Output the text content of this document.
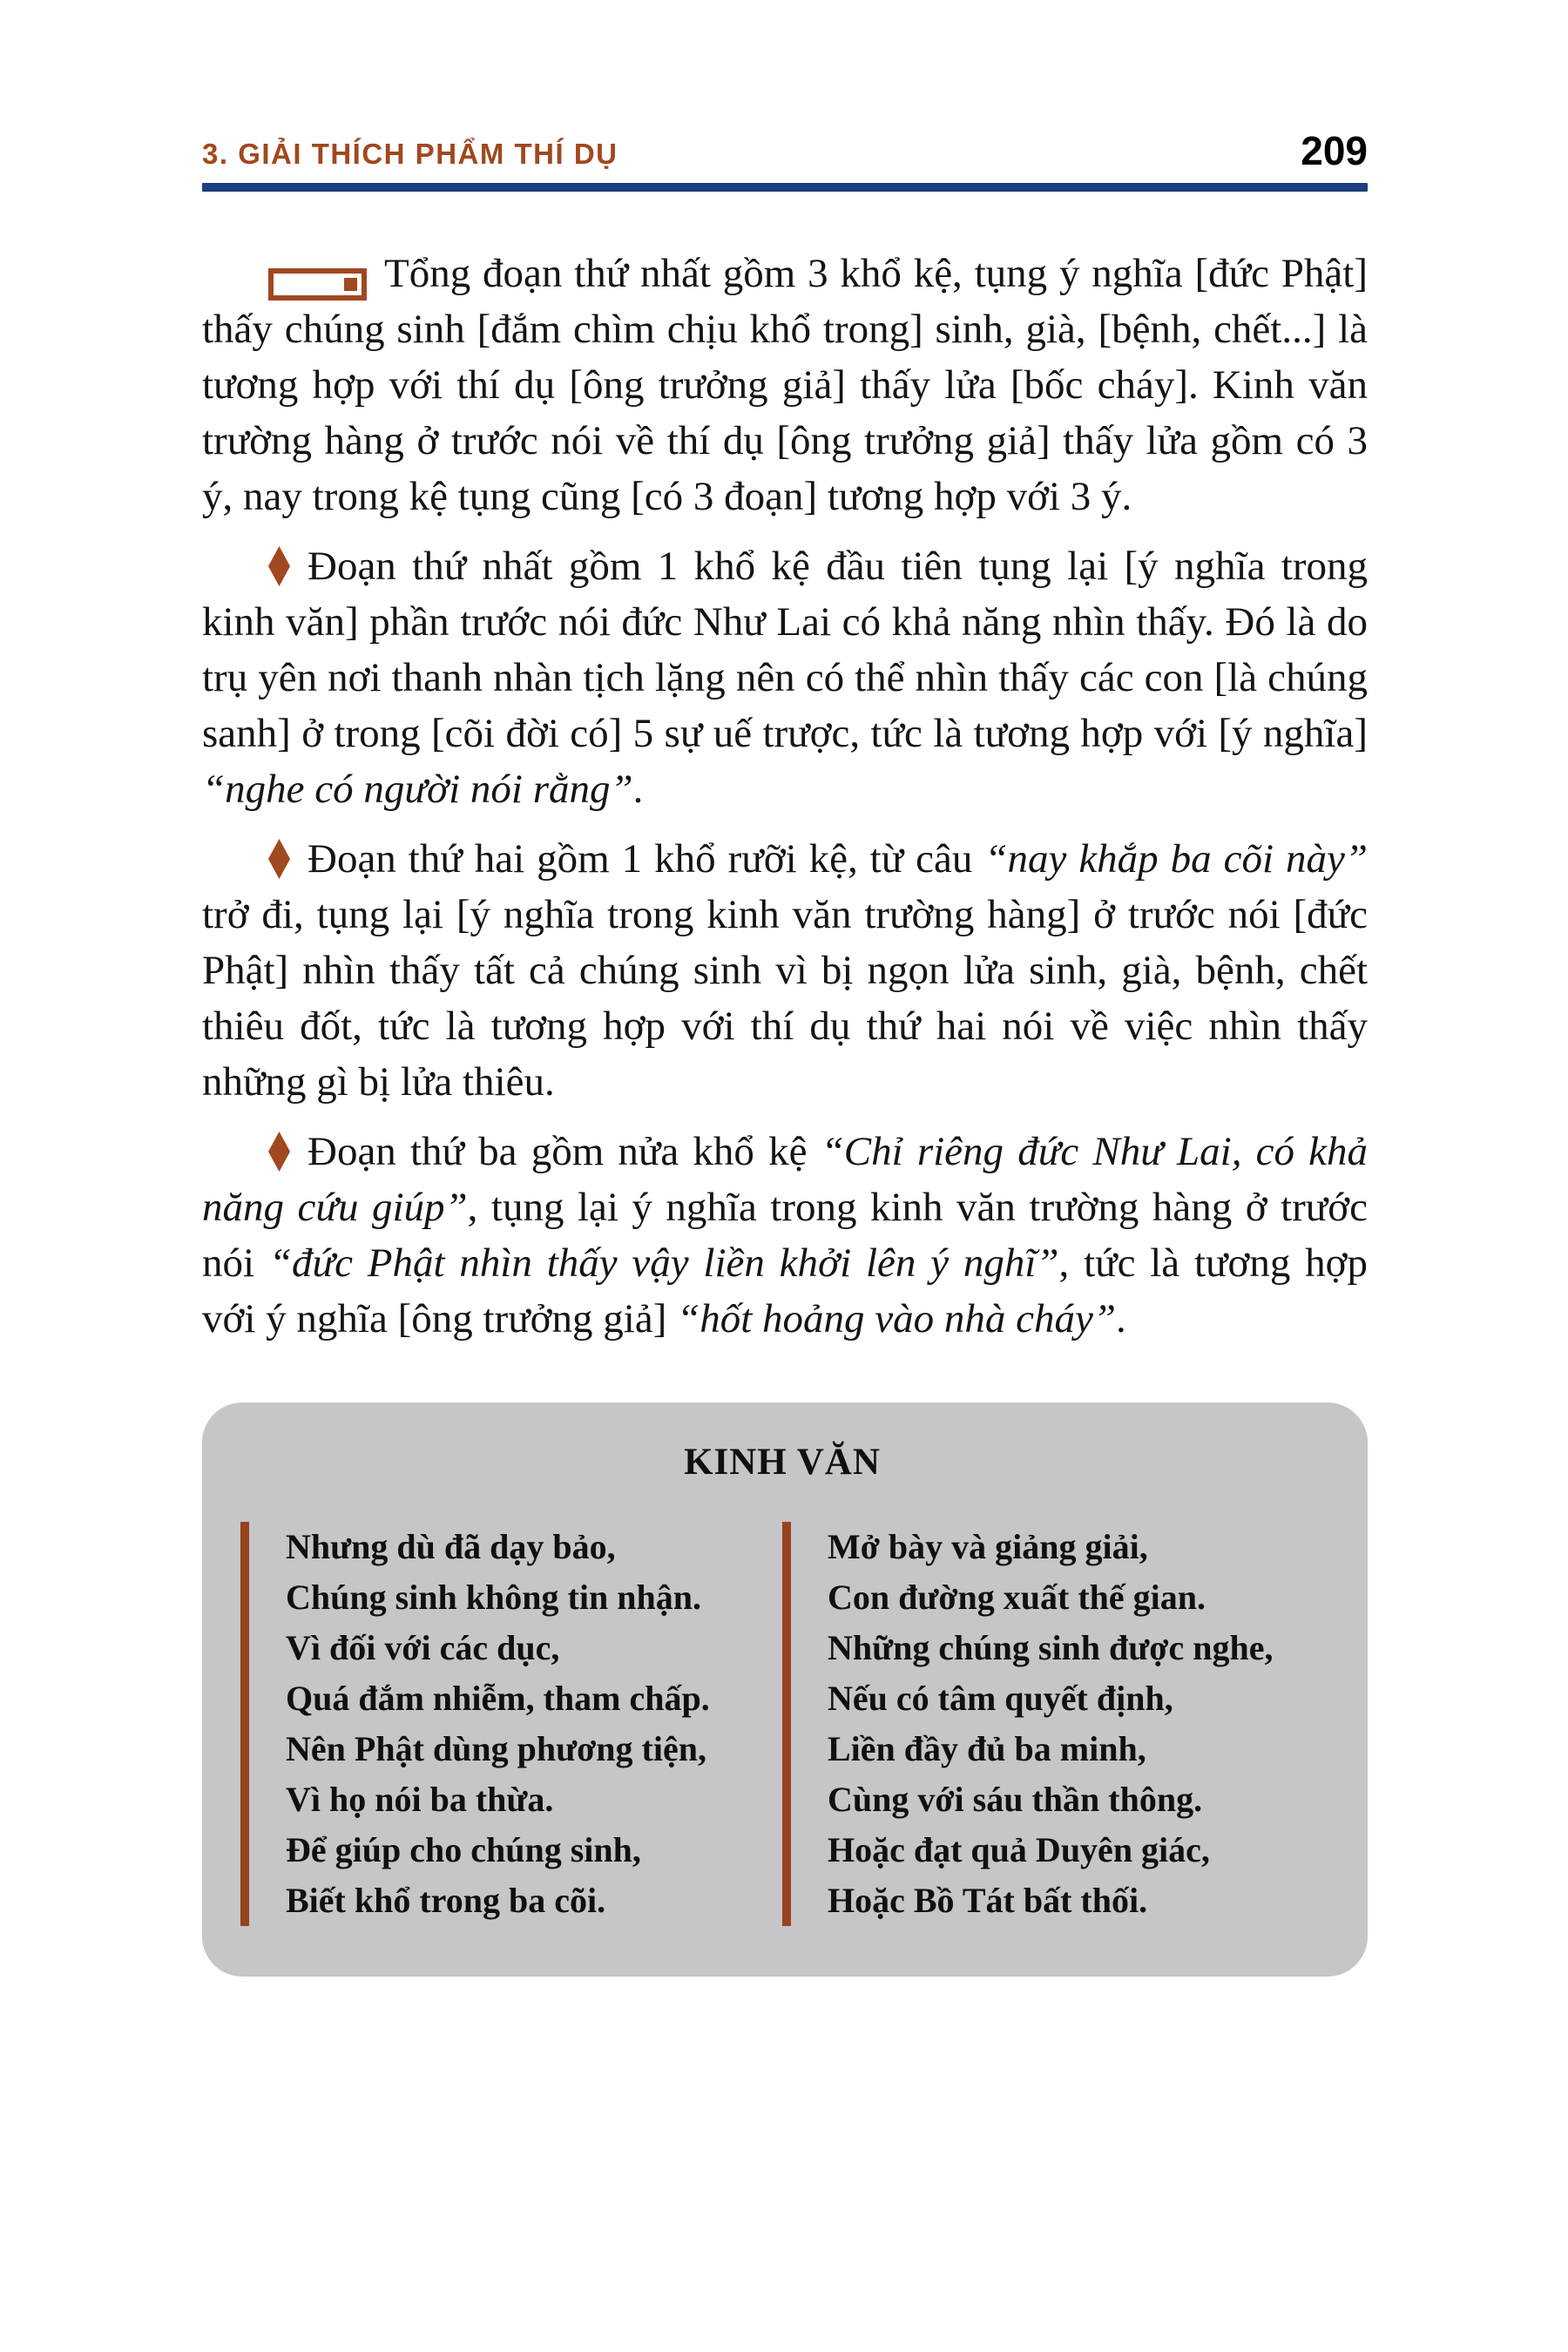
3. GIẢI THÍCH PHẨM THÍ DỤ	209

Tổng đoạn thứ nhất gồm 3 khổ kệ, tụng ý nghĩa [đức Phật] thấy chúng sinh [đắm chìm chịu khổ trong] sinh, già, [bệnh, chết...] là tương hợp với thí dụ [ông trưởng giả] thấy lửa [bốc cháy]. Kinh văn trường hàng ở trước nói về thí dụ [ông trưởng giả] thấy lửa gồm có 3 ý, nay trong kệ tụng cũng [có 3 đoạn] tương hợp với 3 ý.

Đoạn thứ nhất gồm 1 khổ kệ đầu tiên tụng lại [ý nghĩa trong kinh văn] phần trước nói đức Như Lai có khả năng nhìn thấy. Đó là do trụ yên nơi thanh nhàn tịch lặng nên có thể nhìn thấy các con [là chúng sanh] ở trong [cõi đời có] 5 sự uế trược, tức là tương hợp với [ý nghĩa] “nghe có người nói rằng”.

Đoạn thứ hai gồm 1 khổ rưỡi kệ, từ câu “nay khắp ba cõi này” trở đi, tụng lại [ý nghĩa trong kinh văn trường hàng] ở trước nói [đức Phật] nhìn thấy tất cả chúng sinh vì bị ngọn lửa sinh, già, bệnh, chết thiêu đốt, tức là tương hợp với thí dụ thứ hai nói về việc nhìn thấy những gì bị lửa thiêu.

Đoạn thứ ba gồm nửa khổ kệ “Chỉ riêng đức Như Lai, có khả năng cứu giúp”, tụng lại ý nghĩa trong kinh văn trường hàng ở trước nói “đức Phật nhìn thấy vậy liền khởi lên ý nghĩ”, tức là tương hợp với ý nghĩa [ông trưởng giả] “hốt hoảng vào nhà cháy”.

KINH VĂN
Nhưng dù đã dạy bảo,
Chúng sinh không tin nhận.
Vì đối với các dục,
Quá đắm nhiễm, tham chấp.
Nên Phật dùng phương tiện,
Vì họ nói ba thừa.
Để giúp cho chúng sinh,
Biết khổ trong ba cõi.
Mở bày và giảng giải,
Con đường xuất thế gian.
Những chúng sinh được nghe,
Nếu có tâm quyết định,
Liền đầy đủ ba minh,
Cùng với sáu thần thông.
Hoặc đạt quả Duyên giác,
Hoặc Bồ Tát bất thối.
